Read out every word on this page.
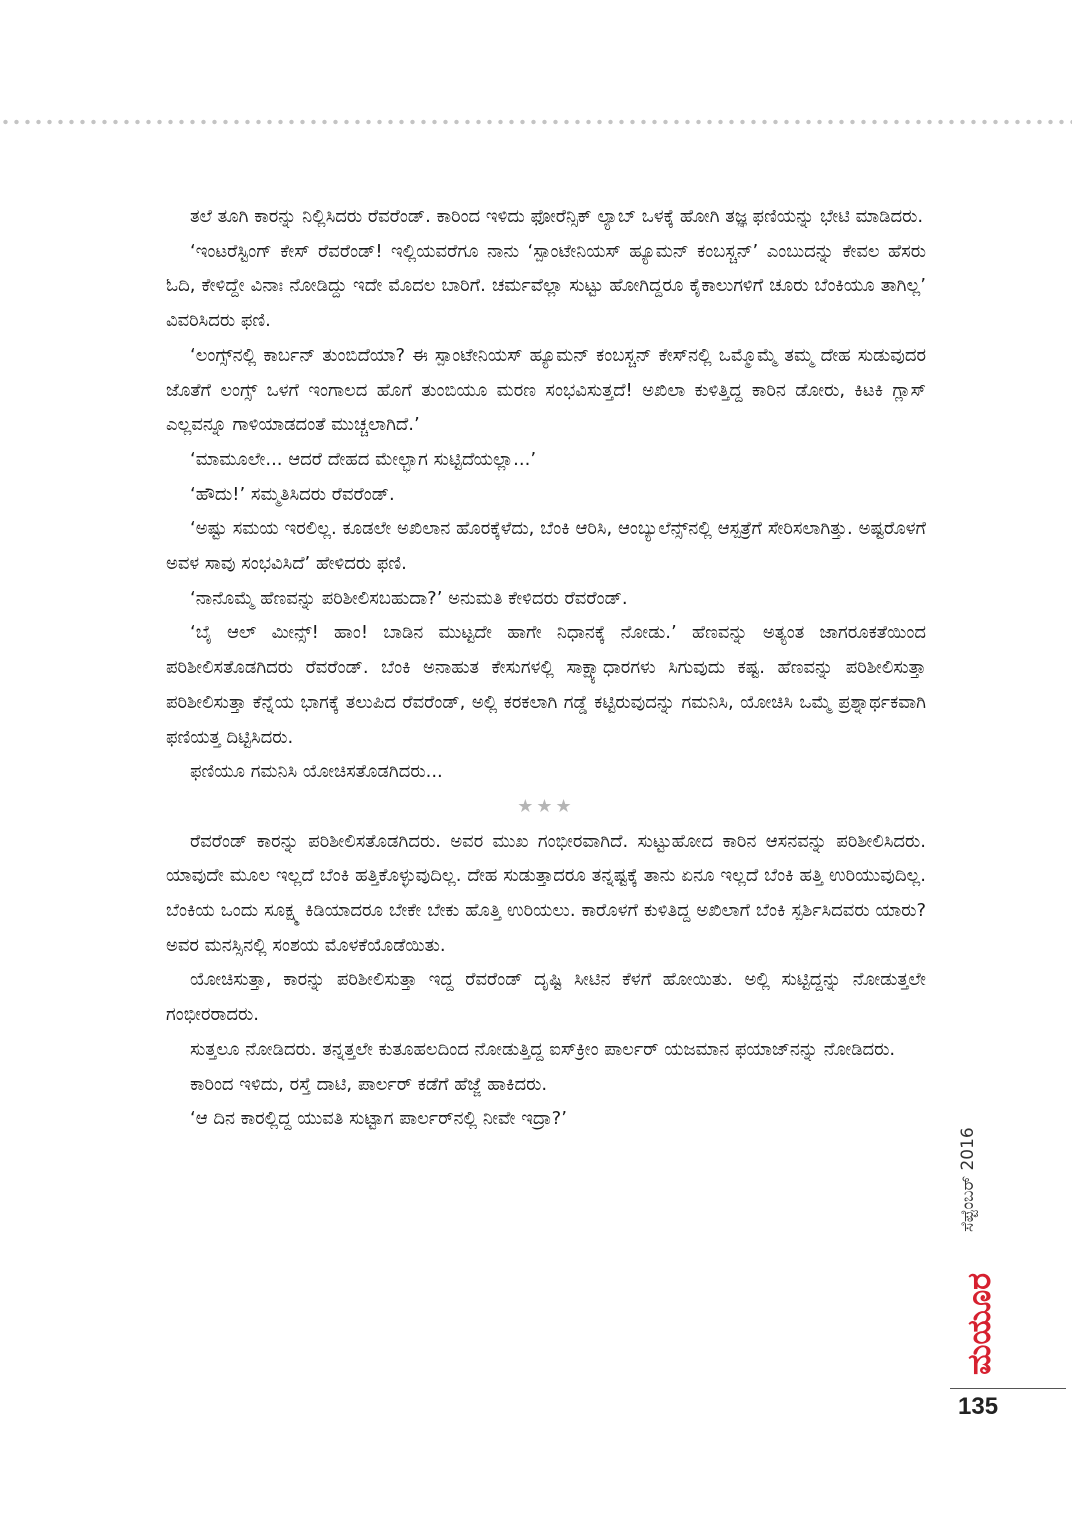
ತಲೆ ತೂಗಿ ಕಾರನ್ನು ನಿಲ್ಲಿಸಿದರು ರೆವರೆಂಡ್. ಕಾರಿಂದ ಇಳಿದು ಫೋರೆನ್ಸಿಕ್ ಲ್ಯಾಬ್ ಒಳಕ್ಕೆ ಹೋಗಿ ತಜ್ಞ ಫಣಿಯನ್ನು ಭೇಟಿ ಮಾಡಿದರು.

‘ಇಂಟರೆಸ್ಟಿಂಗ್ ಕೇಸ್ ರೆವರೆಂಡ್! ಇಲ್ಲಿಯವರೆಗೂ ನಾನು ‘ಸ್ಪಾಂಟೇನಿಯಸ್ ಹ್ಯೂಮನ್ ಕಂಬಸ್ಚನ್’ ಎಂಬುದನ್ನು ಕೇವಲ ಹೆಸರು ಓದಿ, ಕೇಳಿದ್ದೇ ವಿನಾಃ ನೋಡಿದ್ದು ಇದೇ ಮೊದಲ ಬಾರಿಗೆ. ಚರ್ಮವೆಲ್ಲಾ ಸುಟ್ಟು ಹೋಗಿದ್ದರೂ ಕೈಕಾಲುಗಳಿಗೆ ಚೂರು ಬೆಂಕಿಯೂ ತಾಗಿಲ್ಲ’ ವಿವರಿಸಿದರು ಫಣಿ.

‘ಲಂಗ್ಸ್‌ನಲ್ಲಿ ಕಾರ್ಬನ್ ತುಂಬಿದೆಯಾ? ಈ ಸ್ಪಾಂಟೇನಿಯಸ್ ಹ್ಯೂಮನ್ ಕಂಬಸ್ಚನ್ ಕೇಸ್‌ನಲ್ಲಿ ಒಮ್ಮೊಮ್ಮೆ ತಮ್ಮ ದೇಹ ಸುಡುವುದರ ಜೊತೆಗೆ ಲಂಗ್ಸ್ ಒಳಗೆ ಇಂಗಾಲದ ಹೊಗೆ ತುಂಬಿಯೂ ಮರಣ ಸಂಭವಿಸುತ್ತದೆ! ಅಖಿಲಾ ಕುಳಿತ್ತಿದ್ದ ಕಾರಿನ ಡೋರು, ಕಿಟಕಿ ಗ್ಲಾಸ್ ಎಲ್ಲವನ್ನೂ ಗಾಳಿಯಾಡದಂತೆ ಮುಚ್ಚಲಾಗಿದೆ.’

‘ಮಾಮೂಲೇ... ಆದರೆ ದೇಹದ ಮೇಲ್ಭಾಗ ಸುಟ್ಟಿದೆಯಲ್ಲಾ...’

‘ಹೌದು!’ ಸಮ್ಮತಿಸಿದರು ರೆವರೆಂಡ್.

‘ಅಷ್ಟು ಸಮಯ ಇರಲಿಲ್ಲ. ಕೂಡಲೇ ಅಖಿಲಾನ ಹೊರಕ್ಕೆಳೆದು, ಬೆಂಕಿ ಆರಿಸಿ, ಆಂಬ್ಯುಲೆನ್ಸ್‌ನಲ್ಲಿ ಆಸ್ಪತ್ರೆಗೆ ಸೇರಿಸಲಾಗಿತ್ತು. ಅಷ್ಟರೊಳಗೆ ಅವಳ ಸಾವು ಸಂಭವಿಸಿದೆ’ ಹೇಳಿದರು ಫಣಿ.

‘ನಾನೊಮ್ಮೆ ಹೆಣವನ್ನು ಪರಿಶೀಲಿಸಬಹುದಾ?’ ಅನುಮತಿ ಕೇಳಿದರು ರೆವರೆಂಡ್.

‘ಬೈ ಆಲ್ ಮೀನ್ಸ್! ಹಾಂ! ಬಾಡಿನ ಮುಟ್ಟದೇ ಹಾಗೇ ನಿಧಾನಕ್ಕೆ ನೋಡು.’ ಹೆಣವನ್ನು ಅತ್ಯಂತ ಜಾಗರೂಕತೆಯಿಂದ ಪರಿಶೀಲಿಸತೊಡಗಿದರು ರೆವರೆಂಡ್. ಬೆಂಕಿ ಅನಾಹುತ ಕೇಸುಗಳಲ್ಲಿ ಸಾಕ್ಷ್ಯಾಧಾರಗಳು ಸಿಗುವುದು ಕಷ್ಟ. ಹೆಣವನ್ನು ಪರಿಶೀಲಿಸುತ್ತಾ ಪರಿಶೀಲಿಸುತ್ತಾ ಕೆನ್ನೆಯ ಭಾಗಕ್ಕೆ ತಲುಪಿದ ರೆವರೆಂಡ್, ಅಲ್ಲಿ ಕರಕಲಾಗಿ ಗಡ್ಡೆ ಕಟ್ಟಿರುವುದನ್ನು ಗಮನಿಸಿ, ಯೋಚಿಸಿ ಒಮ್ಮೆ ಪ್ರಶ್ನಾರ್ಥಕವಾಗಿ ಫಣಿಯತ್ತ ದಿಟ್ಟಿಸಿದರು.

ಫಣಿಯೂ ಗಮನಿಸಿ ಯೋಚಿಸತೊಡಗಿದರು...

★★★

ರೆವರೆಂಡ್ ಕಾರನ್ನು ಪರಿಶೀಲಿಸತೊಡಗಿದರು. ಅವರ ಮುಖ ಗಂಭೀರವಾಗಿದೆ. ಸುಟ್ಟುಹೋದ ಕಾರಿನ ಆಸನವನ್ನು ಪರಿಶೀಲಿಸಿದರು. ಯಾವುದೇ ಮೂಲ ಇಲ್ಲದೆ ಬೆಂಕಿ ಹತ್ತಿಕೊಳ್ಳುವುದಿಲ್ಲ. ದೇಹ ಸುಡುತ್ತಾದರೂ ತನ್ನಷ್ಟಕ್ಕೆ ತಾನು ಏನೂ ಇಲ್ಲದೆ ಬೆಂಕಿ ಹತ್ತಿ ಉರಿಯುವುದಿಲ್ಲ. ಬೆಂಕಿಯ ಒಂದು ಸೂಕ್ಷ್ಮ ಕಿಡಿಯಾದರೂ ಬೇಕೇ ಬೇಕು ಹೊತ್ತಿ ಉರಿಯಲು. ಕಾರೊಳಗೆ ಕುಳಿತಿದ್ದ ಅಖಿಲಾಗೆ ಬೆಂಕಿ ಸ್ಪರ್ಶಿಸಿದವರು ಯಾರು? ಅವರ ಮನಸ್ಸಿನಲ್ಲಿ ಸಂಶಯ ಮೊಳಕೆಯೊಡೆಯಿತು.

ಯೋಚಿಸುತ್ತಾ, ಕಾರನ್ನು ಪರಿಶೀಲಿಸುತ್ತಾ ಇದ್ದ ರೆವರೆಂಡ್ ದೃಷ್ಟಿ ಸೀಟಿನ ಕೆಳಗೆ ಹೋಯಿತು. ಅಲ್ಲಿ ಸುಟ್ಟಿದ್ದನ್ನು ನೋಡುತ್ತಲೇ ಗಂಭೀರರಾದರು.

ಸುತ್ತಲೂ ನೋಡಿದರು. ತನ್ನತ್ತಲೇ ಕುತೂಹಲದಿಂದ ನೋಡುತ್ತಿದ್ದ ಐಸ್‌ಕ್ರೀಂ ಪಾರ್ಲರ್ ಯಜಮಾನ ಫಯಾಜ್‌ನನ್ನು ನೋಡಿದರು.

ಕಾರಿಂದ ಇಳಿದು, ರಸ್ತೆ ದಾಟಿ, ಪಾರ್ಲರ್ ಕಡೆಗೆ ಹೆಜ್ಜೆ ಹಾಕಿದರು.

‘ಆ ದಿನ ಕಾರಲ್ಲಿದ್ದ ಯುವತಿ ಸುಟ್ಟಾಗ ಪಾರ್ಲರ್‌ನಲ್ಲಿ ನೀವೇ ಇದ್ರಾ?’

ಸೆಪ್ಟೆಂಬರ್ 2016
ಮಯೂರ
135
